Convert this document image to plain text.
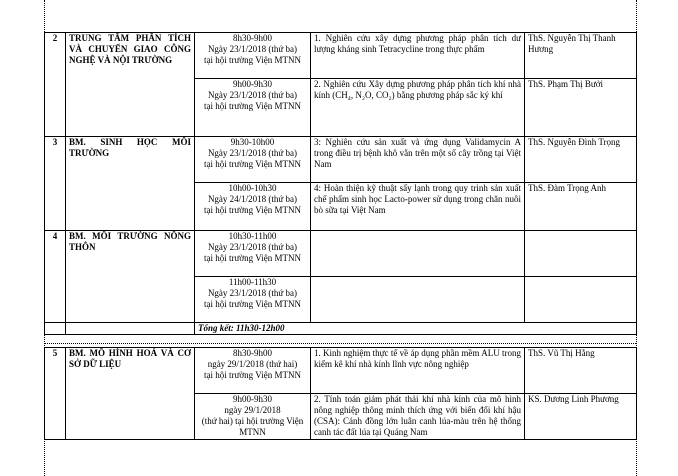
2	TRUNG TÂM PHÂN TÍCH VÀ CHUYỂN GIAO CÔNG NGHỆ VÀ NỘI TRƯỜNG	8h30-9h00
Ngày 23/1/2018 (thứ ba)
tại hội trường Viện MTNN	1. Nghiên cứu xây dựng phương pháp phân tích dư lượng kháng sinh Tetracycline trong thực phẩm	ThS. Nguyễn Thị Thanh Hương

		9h00-9h30
Ngày 23/1/2018 (thứ ba)
tại hội trường Viện MTNN	2. Nghiên cứu Xây dựng phương pháp phân tích khí nhà kính (CH₄, N₂O, CO₂) bằng phương pháp sắc ký khí	ThS. Phạm Thị Bưởi
3	BM. SINH HỌC MÔI TRƯỜNG	9h30-10h00
Ngày 23/1/2018 (thứ ba)
tại hội trường Viện MTNN	3: Nghiên cứu sản xuất và ứng dụng Validamycin A trong điều trị bệnh khô vằn trên một số cây trồng tại Việt Nam	ThS. Nguyễn Đình Trọng

		10h00-10h30
Ngày 24/1/2018 (thứ ba)
tại hội trường Viện MTNN	4: Hoàn thiện kỹ thuật sấy lạnh trong quy trình sản xuất chế phẩm sinh học Lacto-power sử dụng trong chăn nuôi bò sữa tại Việt Nam	ThS. Đàm Trọng Anh
4	BM. MÔI TRƯỜNG NÔNG THÔN	10h30-11h00
Ngày 23/1/2018 (thứ ba)
tại hội trường Viện MTNN		

		11h00-11h30
Ngày 23/1/2018 (thứ ba)
tại hội trường Viện MTNN		

		Tổng kết: 11h30-12h00		
5	BM. MÔ HÌNH HOÁ VÀ CƠ SỞ DỮ LIỆU	8h30-9h00
ngày 29/1/2018 (thứ hai)
tại hội trường Viện MTNN	1. Kinh nghiệm thực tế về áp dụng phần mềm ALU trong kiểm kê khí nhà kính lĩnh vực nông nghiệp	ThS. Vũ Thị Hằng

		9h00-9h30
ngày 29/1/2018
(thứ hai) tại hội trường Viện MTNN	2. Tính toán giảm phát thải khí nhà kính của mô hình nông nghiệp thông minh thích ứng với biến đổi khí hậu (CSA): Cánh đồng lớn luân canh lúa-màu trên hệ thống canh tác đất lúa tại Quảng Nam	KS. Dương Linh Phương
